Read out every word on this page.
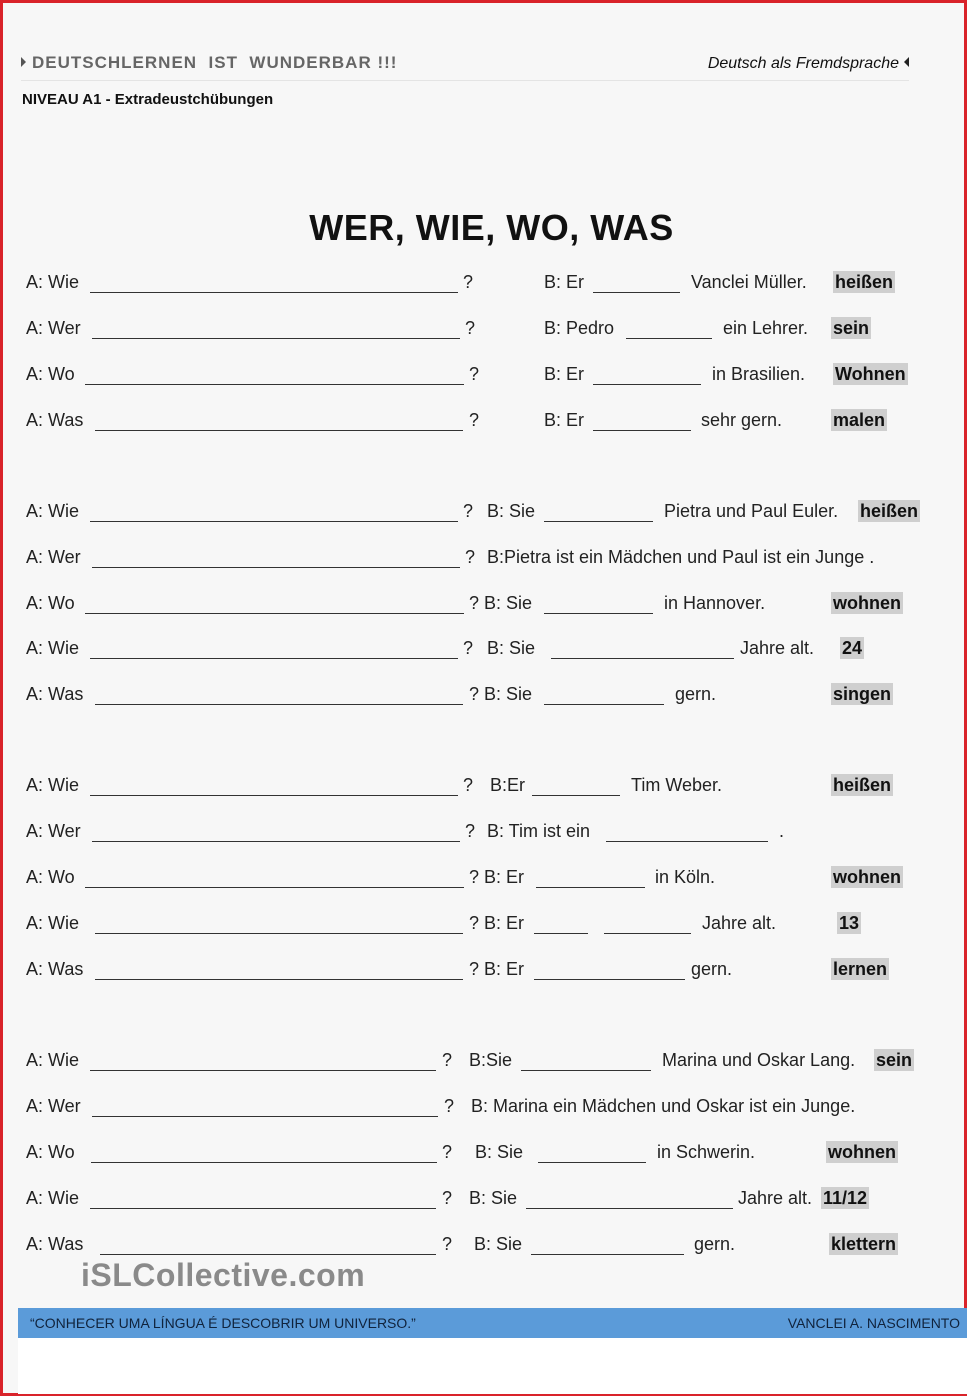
DEUTSCHLERNEN  IST  WUNDERBAR !!!	Deutsch als Fremdsprache
NIVEAU A1 - Extradeustchübungen
WER, WIE, WO, WAS
A: Wie	?	B: Er	Vanclei Müller. heißen
A: Wer	?	B: Pedro	ein Lehrer. sein
A: Wo	?	B: Er	in Brasilien. Wohnen
A: Was	?	B: Er	sehr gern.	malen
A: Wie	? B: Sie	Pietra und Paul Euler. heißen
A: Wer	? B:Pietra ist ein Mädchen und Paul ist ein Junge .
A: Wo	? B: Sie	in Hannover.	wohnen
A: Wie	? B: Sie	Jahre alt. 24
A: Was	? B: Sie	gern.	singen
A: Wie	? B:Er	Tim Weber.	heißen
A: Wer	? B: Tim ist ein	.
A: Wo	? B: Er	in Köln.	wohnen
A: Wie	? B: Er	Jahre alt.	13
A: Was	? B: Er	gern.	lernen
A: Wie	? B:Sie	Marina und Oskar Lang. sein
A: Wer	? B: Marina ein Mädchen und Oskar ist ein Junge.
A: Wo	? B: Sie	in Schwerin.	wohnen
A: Wie	? B: Sie	Jahre alt. 11/12
A: Was	? B: Sie	gern.	klettern
iSLCollective.com
“CONHECER UMA LÍNGUA É DESCOBRIR UM UNIVERSO.”	VANCLEI A. NASCIMENTO
